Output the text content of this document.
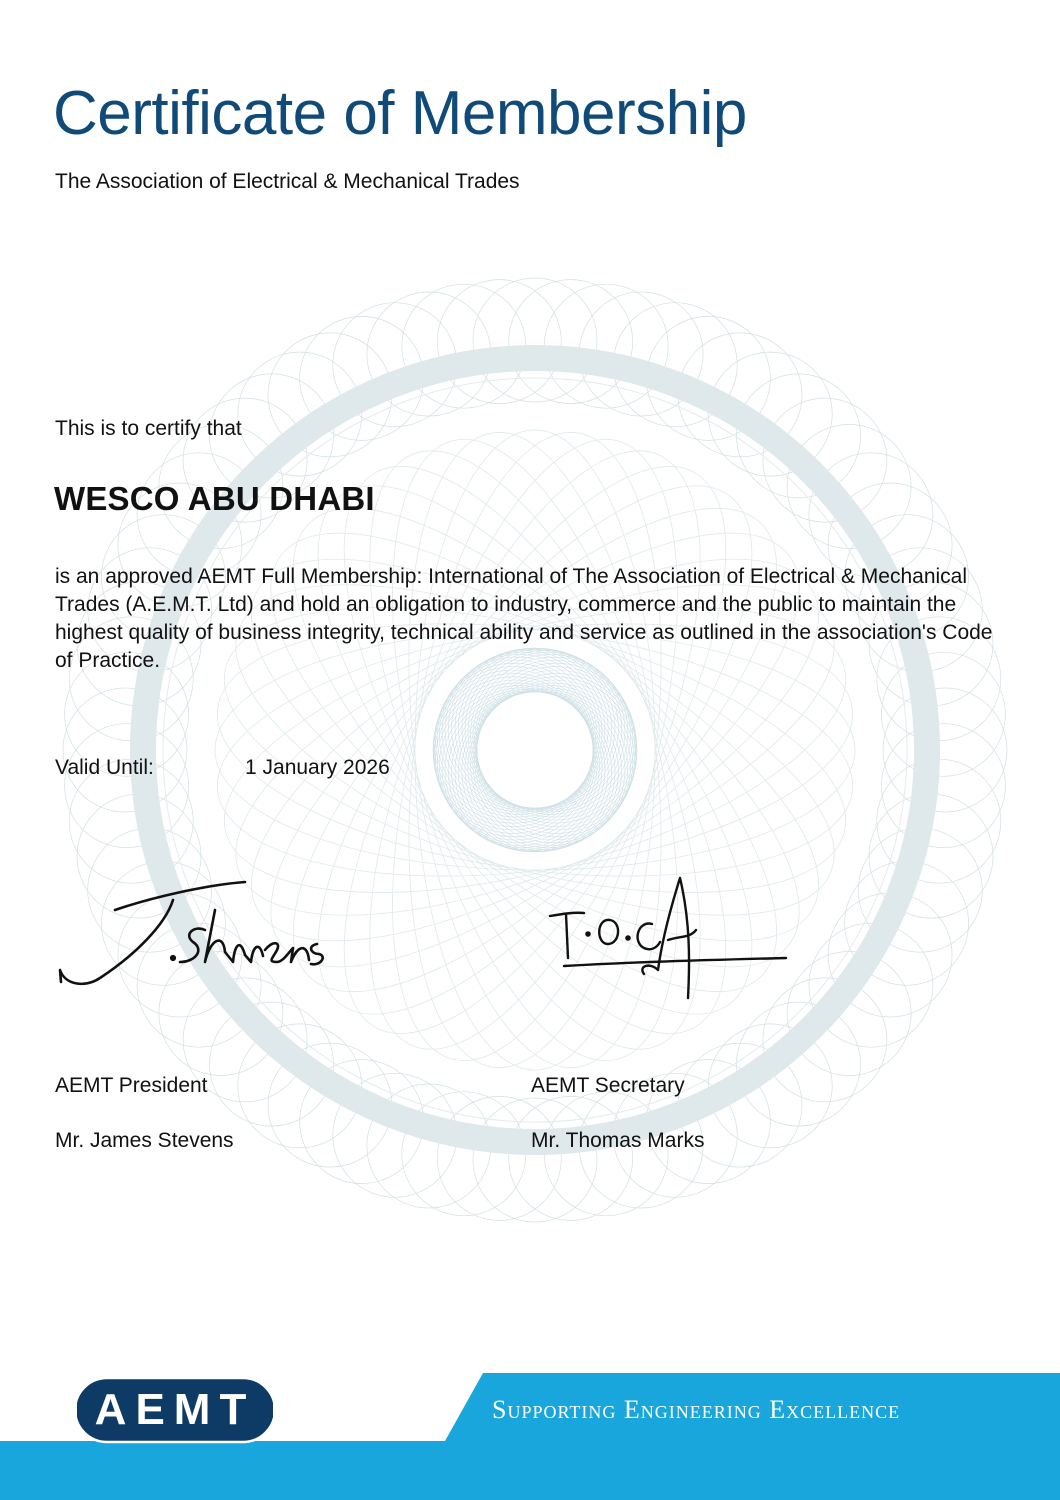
Certificate of Membership
The Association of Electrical & Mechanical Trades
This is to certify that
WESCO ABU DHABI

is an approved AEMT Full Membership: International of The Association of Electrical & Mechanical Trades (A.E.M.T. Ltd) and hold an obligation to industry, commerce and the public to maintain the highest quality of business integrity, technical ability and service as outlined in the association's Code of Practice.

Valid Until:	1 January 2026
AEMT President	AEMT Secretary
Mr. James Stevens	Mr. Thomas Marks
AEMT	Supporting Engineering Excellence
